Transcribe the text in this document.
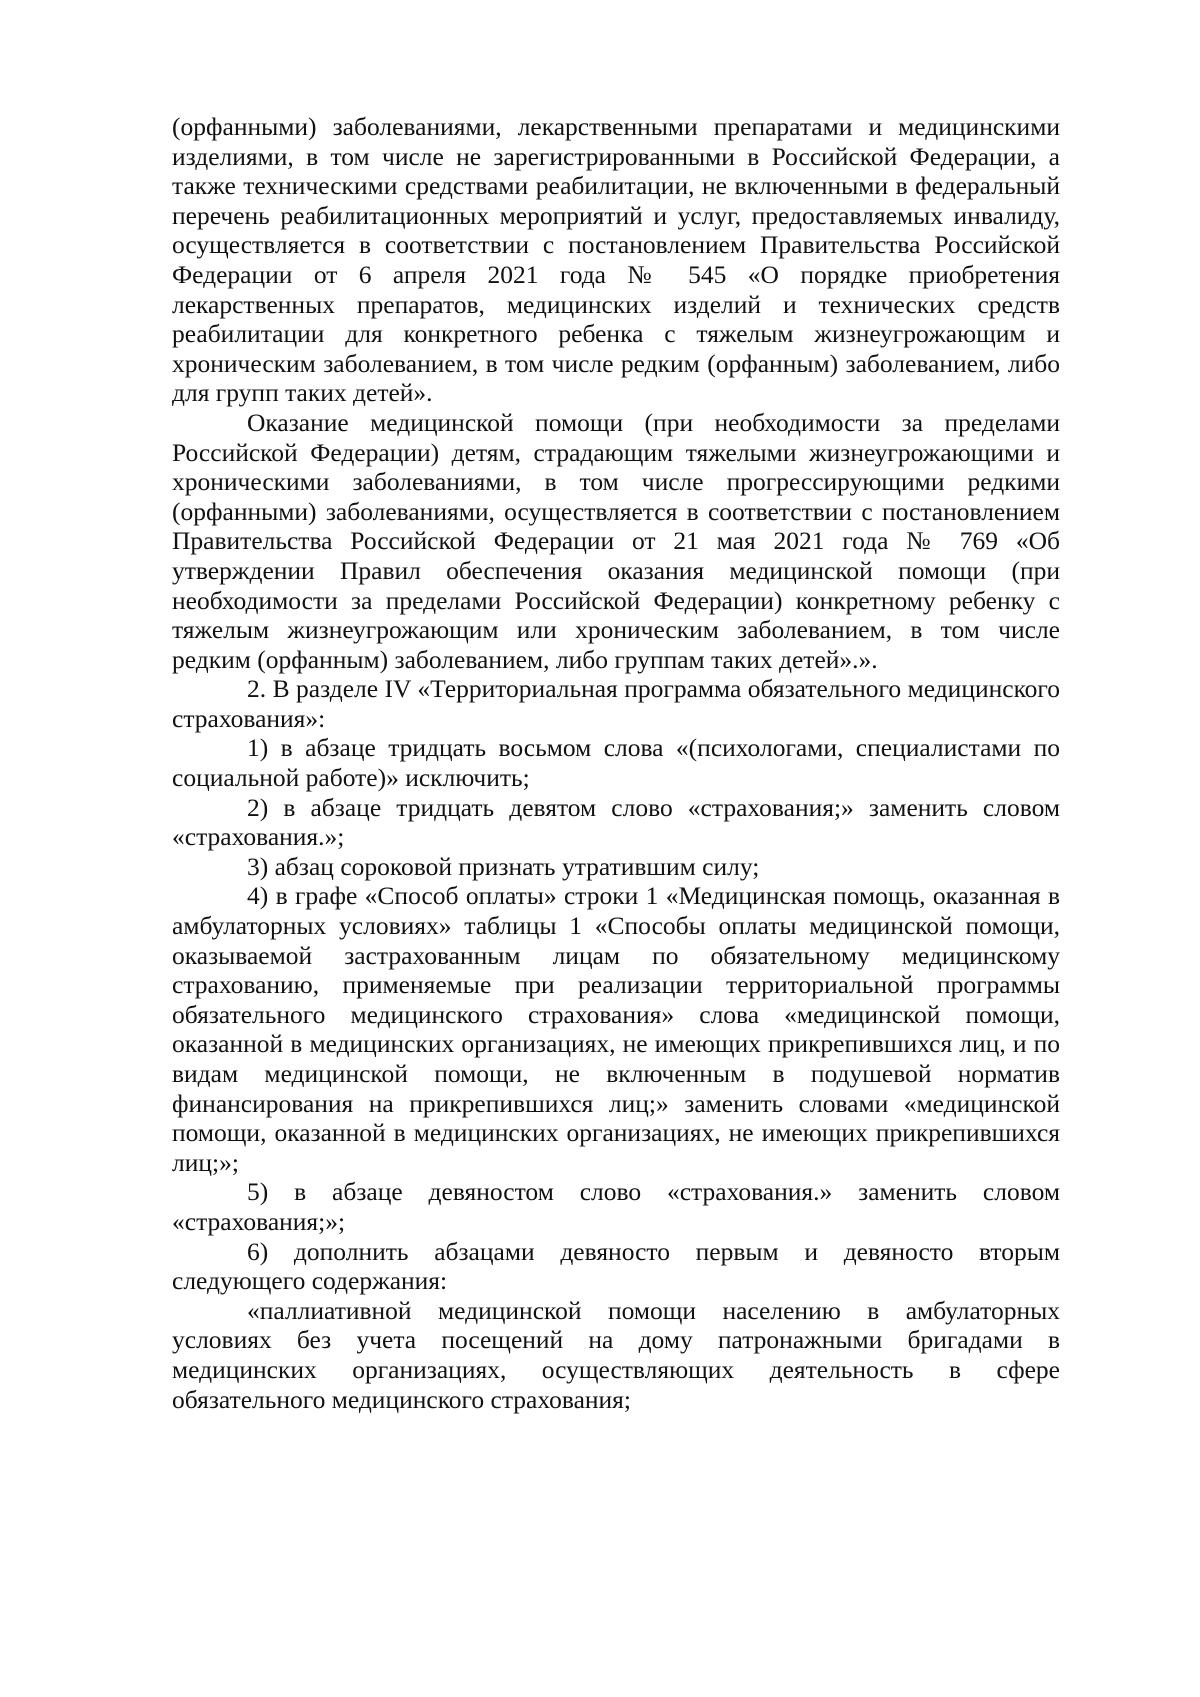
(орфанными) заболеваниями, лекарственными препаратами и медицинскими изделиями, в том числе не зарегистрированными в Российской Федерации, а также техническими средствами реабилитации, не включенными в федеральный перечень реабилитационных мероприятий и услуг, предоставляемых инвалиду, осуществляется в соответствии с постановлением Правительства Российской Федерации от 6 апреля 2021 года № 545 «О порядке приобретения лекарственных препаратов, медицинских изделий и технических средств реабилитации для конкретного ребенка с тяжелым жизнеугрожающим и хроническим заболеванием, в том числе редким (орфанным) заболеванием, либо для групп таких детей».

Оказание медицинской помощи (при необходимости за пределами Российской Федерации) детям, страдающим тяжелыми жизнеугрожающими и хроническими заболеваниями, в том числе прогрессирующими редкими (орфанными) заболеваниями, осуществляется в соответствии с постановлением Правительства Российской Федерации от 21 мая 2021 года № 769 «Об утверждении Правил обеспечения оказания медицинской помощи (при необходимости за пределами Российской Федерации) конкретному ребенку с тяжелым жизнеугрожающим или хроническим заболеванием, в том числе редким (орфанным) заболеванием, либо группам таких детей».».

2. В разделе IV «Территориальная программа обязательного медицинского страхования»:

1) в абзаце тридцать восьмом слова «(психологами, специалистами по социальной работе)» исключить;

2) в абзаце тридцать девятом слово «страхования;» заменить словом «страхования.»;

3) абзац сороковой признать утратившим силу;

4) в графе «Способ оплаты» строки 1 «Медицинская помощь, оказанная в амбулаторных условиях» таблицы 1 «Способы оплаты медицинской помощи, оказываемой застрахованным лицам по обязательному медицинскому страхованию, применяемые при реализации территориальной программы обязательного медицинского страхования» слова «медицинской помощи, оказанной в медицинских организациях, не имеющих прикрепившихся лиц, и по видам медицинской помощи, не включенным в подушевой норматив финансирования на прикрепившихся лиц;» заменить словами «медицинской помощи, оказанной в медицинских организациях, не имеющих прикрепившихся лиц;»;

5) в абзаце девяностом слово «страхования.» заменить словом «страхования;»;

6) дополнить абзацами девяносто первым и девяносто вторым следующего содержания:

«паллиативной медицинской помощи населению в амбулаторных условиях без учета посещений на дому патронажными бригадами в медицинских организациях, осуществляющих деятельность в сфере обязательного медицинского страхования;
